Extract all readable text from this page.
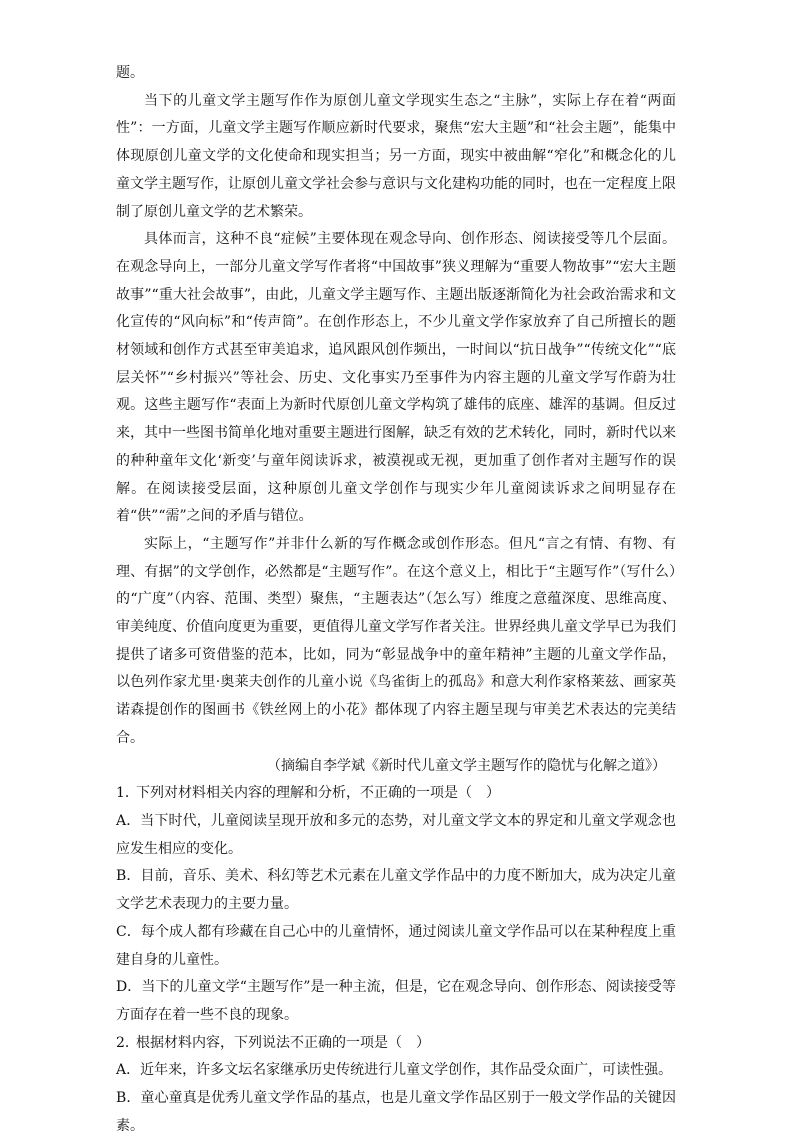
题。

当下的儿童文学主题写作作为原创儿童文学现实生态之“主脉”，实际上存在着“两面性”：一方面，儿童文学主题写作顺应新时代要求，聚焦“宏大主题”和“社会主题”，能集中体现原创儿童文学的文化使命和现实担当；另一方面，现实中被曲解“窄化”和概念化的儿童文学主题写作，让原创儿童文学社会参与意识与文化建构功能的同时，也在一定程度上限制了原创儿童文学的艺术繁荣。

具体而言，这种不良“症候”主要体现在观念导向、创作形态、阅读接受等几个层面。在观念导向上，一部分儿童文学写作者将“中国故事”狭义理解为“重要人物故事”“宏大主题故事”“重大社会故事”，由此，儿童文学主题写作、主题出版逐渐简化为社会政治需求和文化宣传的“风向标”和“传声筒”。在创作形态上，不少儿童文学作家放弃了自己所擅长的题材领域和创作方式甚至审美追求，追风跟风创作频出，一时间以“抗日战争”“传统文化”“底层关怀”“乡村振兴”等社会、历史、文化事实乃至事件为内容主题的儿童文学写作蔚为壮观。这些主题写作“表面上为新时代原创儿童文学构筑了雄伟的底座、雄浑的基调。但反过来，其中一些图书简单化地对重要主题进行图解，缺乏有效的艺术转化，同时，新时代以来的种种童年文化‘新变’与童年阅读诉求，被漠视或无视，更加重了创作者对主题写作的误解。在阅读接受层面，这种原创儿童文学创作与现实少年儿童阅读诉求之间明显存在着“供”“需”之间的矛盾与错位。

实际上，“主题写作”并非什么新的写作概念或创作形态。但凡“言之有情、有物、有理、有据”的文学创作，必然都是“主题写作”。在这个意义上，相比于“主题写作”（写什么）的“广度”（内容、范围、类型）聚焦，“主题表达”（怎么写）维度之意蕴深度、思维高度、审美纯度、价值向度更为重要，更值得儿童文学写作者关注。世界经典儿童文学早已为我们提供了诸多可资借鉴的范本，比如，同为“彰显战争中的童年精神”主题的儿童文学作品，以色列作家尤里·奥莱夫创作的儿童小说《鸟雀街上的孤岛》和意大利作家格莱兹、画家英诺森提创作的图画书《铁丝网上的小花》都体现了内容主题呈现与审美艺术表达的完美结合。

（摘编自李学斌《新时代儿童文学主题写作的隐忧与化解之道》）

1．
下列对材料相关内容的理解和分析，不正确的一项是（　）

A．当下时代，儿童阅读呈现开放和多元的态势，对儿童文学文本的界定和儿童文学观念也应发生相应的变化。

B．目前，音乐、美术、科幻等艺术元素在儿童文学作品中的力度不断加大，成为决定儿童文学艺术表现力的主要力量。

C．每个成人都有珍藏在自己心中的儿童情怀，通过阅读儿童文学作品可以在某种程度上重建自身的儿童性。

D．当下的儿童文学“主题写作”是一种主流，但是，它在观念导向、创作形态、阅读接受等方面存在着一些不良的现象。

2．
根据材料内容，下列说法不正确的一项是（　）

A．近年来，许多文坛名家继承历史传统进行儿童文学创作，其作品受众面广，可读性强。

B．童心童真是优秀儿童文学作品的基点，也是儿童文学作品区别于一般文学作品的关键因素。
